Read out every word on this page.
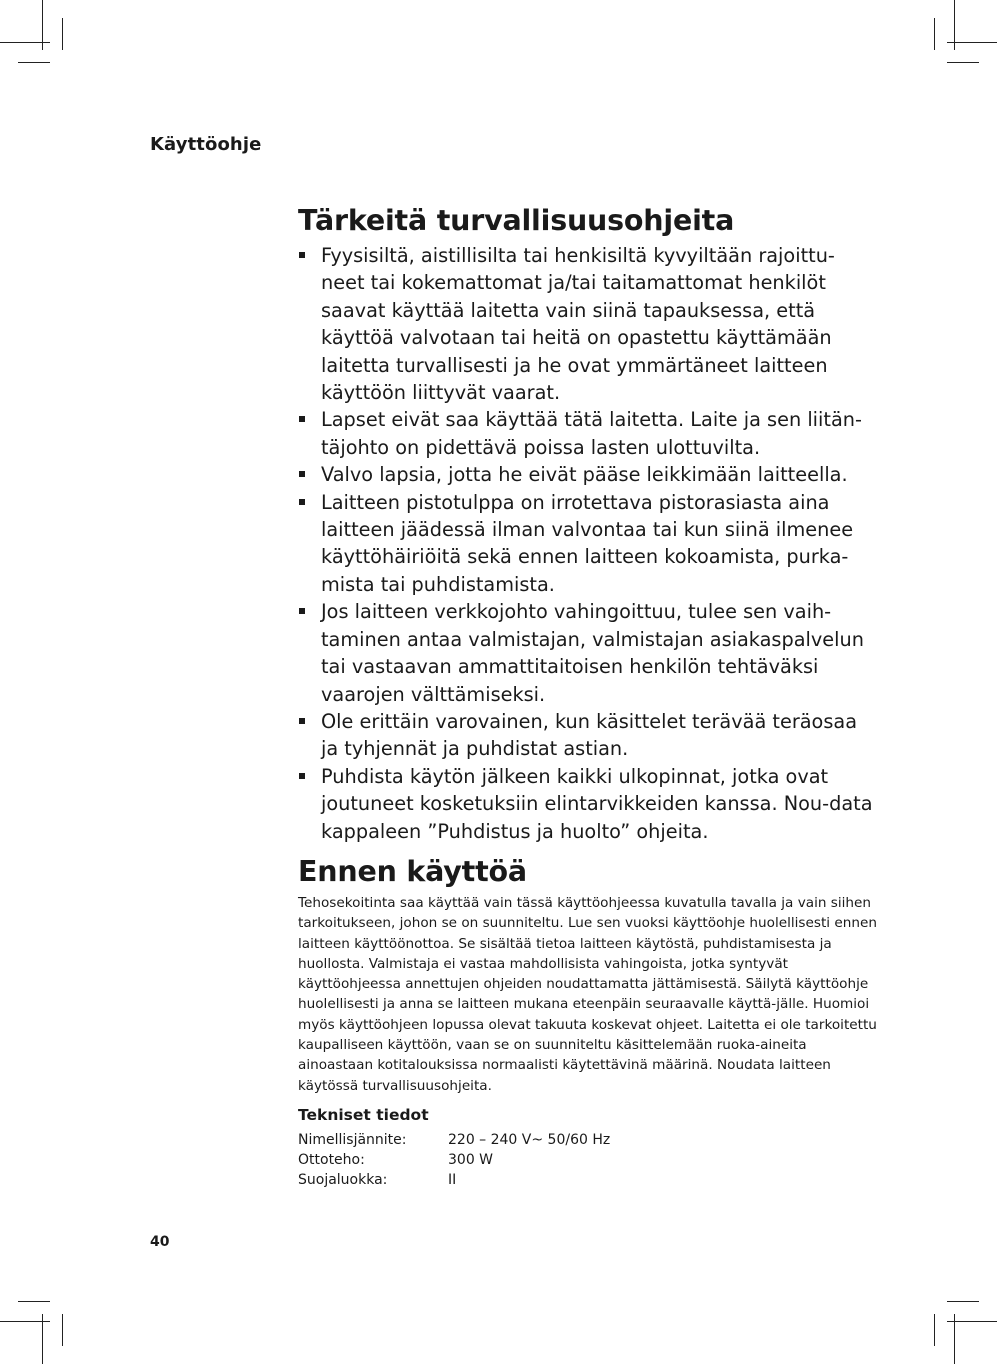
Käyttöohje
Tärkeitä turvallisuusohjeita
Fyysisiltä, aistillisilta tai henkisiltä kyvyiltään rajoittu-neet tai kokemattomat ja/tai taitamattomat henkilöt saavat käyttää laitetta vain siinä tapauksessa, että käyttöä valvotaan tai heitä on opastettu käyttämään laitetta turvallisesti ja he ovat ymmärtäneet laitteen käyttöön liittyvät vaarat.
Lapset eivät saa käyttää tätä laitetta. Laite ja sen liitän-täjohto on pidettävä poissa lasten ulottuvilta.
Valvo lapsia, jotta he eivät pääse leikkimään laitteella.
Laitteen pistotulppa on irrotettava pistorasiasta aina laitteen jäädessä ilman valvontaa tai kun siinä ilmenee käyttöhäiriöitä sekä ennen laitteen kokoamista, purka-mista tai puhdistamista.
Jos laitteen verkkojohto vahingoittuu, tulee sen vaih-taminen antaa valmistajan, valmistajan asiakaspalvelun tai vastaavan ammattitaitoisen henkilön tehtäväksi vaarojen välttämiseksi.
Ole erittäin varovainen, kun käsittelet terävää teräosaa ja tyhjennät ja puhdistat astian.
Puhdista käytön jälkeen kaikki ulkopinnat, jotka ovat joutuneet kosketuksiin elintarvikkeiden kanssa. Nou-data kappaleen ”Puhdistus ja huolto” ohjeita.
Ennen käyttöä

Tehosekoitinta saa käyttää vain tässä käyttöohjeessa kuvatulla tavalla ja vain siihen tarkoitukseen, johon se on suunniteltu. Lue sen vuoksi käyttöohje huolellisesti ennen laitteen käyttöönottoa. Se sisältää tietoa laitteen käytöstä, puhdistamisesta ja huollosta. Valmistaja ei vastaa mahdollisista vahingoista, jotka syntyvät käyttöohjeessa annettujen ohjeiden noudattamatta jättämisestä. Säilytä käyttöohje huolellisesti ja anna se laitteen mukana eteenpäin seuraavalle käyttä-jälle. Huomioi myös käyttöohjeen lopussa olevat takuuta koskevat ohjeet. Laitetta ei ole tarkoitettu kaupalliseen käyttöön, vaan se on suunniteltu käsittelemään ruoka-aineita ainoastaan kotitalouksissa normaalisti käytettävinä määrinä. Noudata laitteen käytössä turvallisuusohjeita.

Tekniset tiedot
Nimellisjännite:	220 – 240 V~ 50/60 Hz
Ottoteho:	300 W
Suojaluokka:	II
40
